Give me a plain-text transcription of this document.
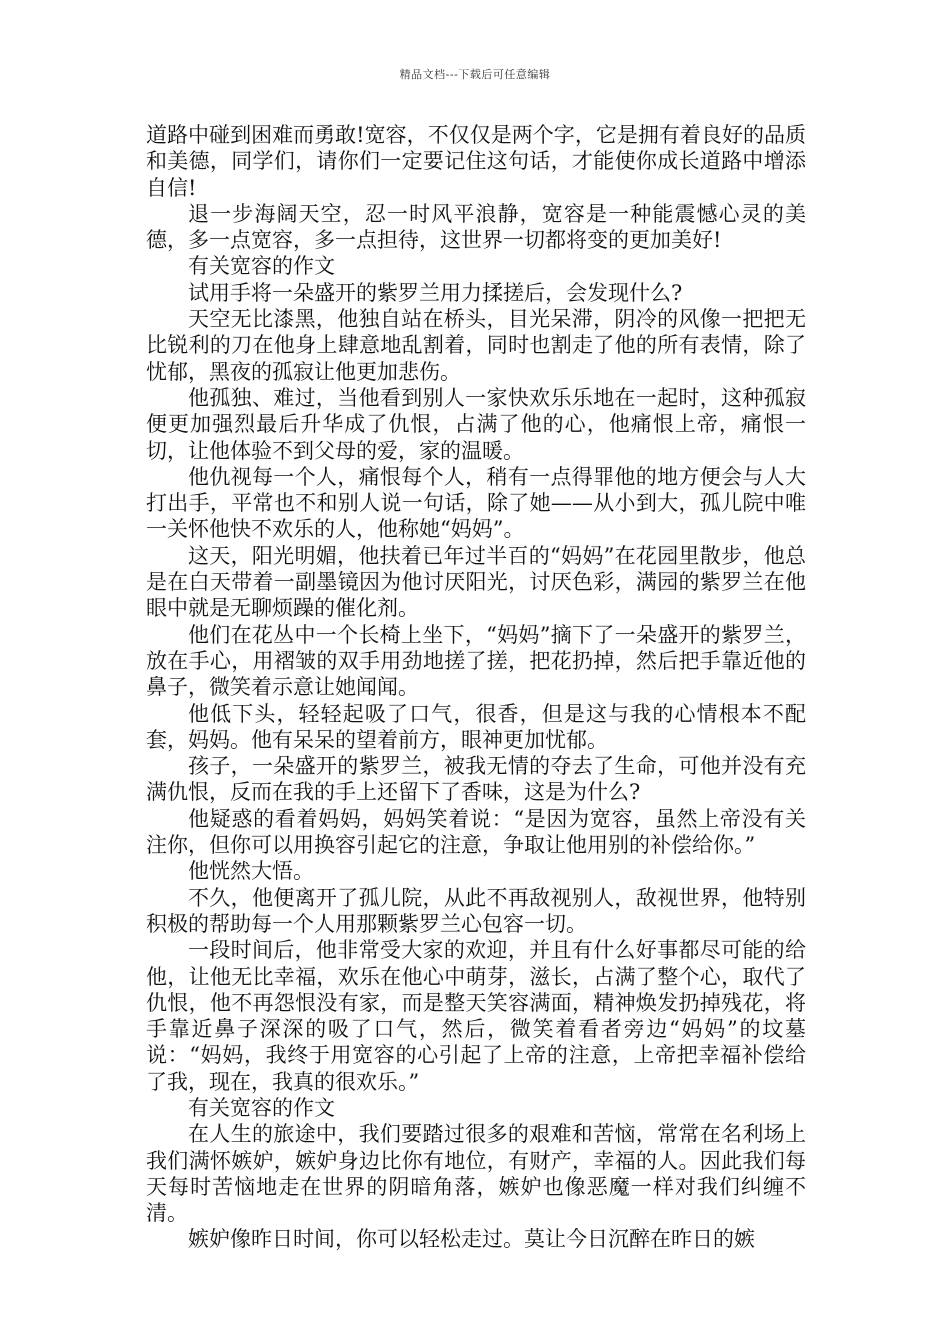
精品文档---下载后可任意编辑

道路中碰到困难而勇敢!宽容，不仅仅是两个字，它是拥有着良好的品质和美德，同学们，请你们一定要记住这句话，才能使你成长道路中增添自信!

退一步海阔天空，忍一时风平浪静，宽容是一种能震憾心灵的美德，多一点宽容，多一点担待，这世界一切都将变的更加美好!

有关宽容的作文

试用手将一朵盛开的紫罗兰用力揉搓后，会发现什么?

天空无比漆黑，他独自站在桥头，目光呆滞，阴冷的风像一把把无比锐利的刀在他身上肆意地乱割着，同时也割走了他的所有表情，除了忧郁，黑夜的孤寂让他更加悲伤。

他孤独、难过，当他看到别人一家快欢乐乐地在一起时，这种孤寂便更加强烈最后升华成了仇恨，占满了他的心，他痛恨上帝，痛恨一切，让他体验不到父母的爱，家的温暖。

他仇视每一个人，痛恨每个人，稍有一点得罪他的地方便会与人大打出手，平常也不和别人说一句话，除了她——从小到大，孤儿院中唯一关怀他快不欢乐的人，他称她“妈妈”。

这天，阳光明媚，他扶着已年过半百的“妈妈”在花园里散步，他总是在白天带着一副墨镜因为他讨厌阳光，讨厌色彩，满园的紫罗兰在他眼中就是无聊烦躁的催化剂。

他们在花丛中一个长椅上坐下，“妈妈”摘下了一朵盛开的紫罗兰，放在手心，用褶皱的双手用劲地搓了搓，把花扔掉，然后把手靠近他的鼻子，微笑着示意让她闻闻。

他低下头，轻轻起吸了口气，很香，但是这与我的心情根本不配套，妈妈。他有呆呆的望着前方，眼神更加忧郁。

孩子，一朵盛开的紫罗兰，被我无情的夺去了生命，可他并没有充满仇恨，反而在我的手上还留下了香味，这是为什么?

他疑惑的看着妈妈，妈妈笑着说：“是因为宽容，虽然上帝没有关注你，但你可以用换容引起它的注意，争取让他用别的补偿给你。”

他恍然大悟。

不久，他便离开了孤儿院，从此不再敌视别人，敌视世界，他特别积极的帮助每一个人用那颗紫罗兰心包容一切。

一段时间后，他非常受大家的欢迎，并且有什么好事都尽可能的给他，让他无比幸福，欢乐在他心中萌芽，滋长，占满了整个心，取代了仇恨，他不再怨恨没有家，而是整天笑容满面，精神焕发扔掉残花，将手靠近鼻子深深的吸了口气，然后，微笑着看者旁边“妈妈”的坟墓说：“妈妈，我终于用宽容的心引起了上帝的注意，上帝把幸福补偿给了我，现在，我真的很欢乐。”

有关宽容的作文

在人生的旅途中，我们要踏过很多的艰难和苦恼，常常在名利场上我们满怀嫉妒，嫉妒身边比你有地位，有财产，幸福的人。因此我们每天每时苦恼地走在世界的阴暗角落，嫉妒也像恶魔一样对我们纠缠不清。

嫉妒像昨日时间，你可以轻松走过。莫让今日沉醉在昨日的嫉
